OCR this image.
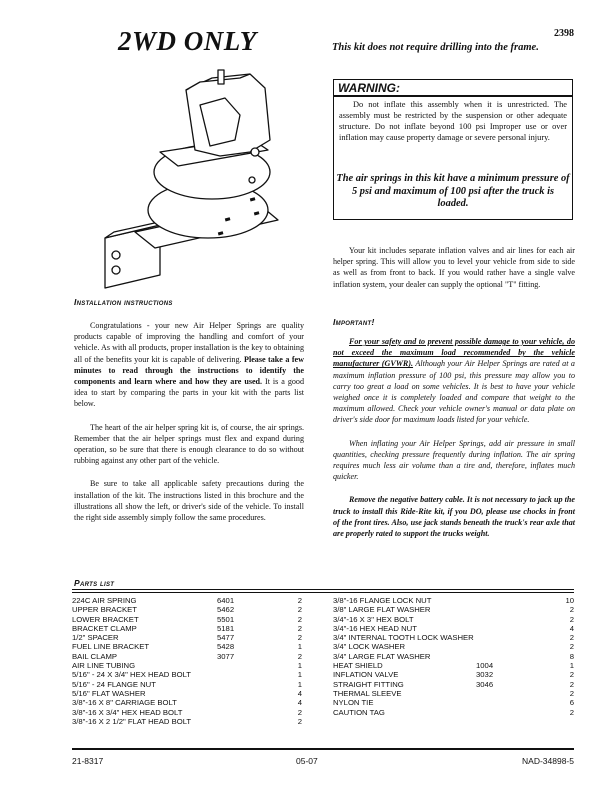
2WD ONLY	2398
This kit does not require drilling into the frame.
WARNING:
Do not inflate this assembly when it is unrestricted. The assembly must be restricted by the suspension or other adequate structure. Do not inflate beyond 100 psi Improper use or over inflation may cause property damage or severe personal injury.
The air springs in this kit have a minimum pressure of 5 psi and maximum of 100 psi after the truck is loaded.

Your kit includes separate inflation valves and air lines for each air helper spring. This will allow you to level your vehicle from side to side as well as from front to back. If you would rather have a single valve inflation system, your dealer can supply the optional "T" fitting.

Important!

For your safety and to prevent possible damage to your vehicle, do not exceed the maximum load recommended by the vehicle manufacturer (GVWR). Although your Air Helper Springs are rated at a maximum inflation pressure of 100 psi, this pressure may allow you to carry too great a load on some vehicles. It is best to have your vehicle weighed once it is completely loaded and compare that weight to the maximum allowed. Check your vehicle owner's manual or data plate on driver's side door for maximum loads listed for your vehicle.

When inflating your Air Helper Springs, add air pressure in small quantities, checking pressure frequently during inflation. The air spring requires much less air volume than a tire and, therefore, inflates much quicker.

Remove the negative battery cable. It is not necessary to jack up the truck to install this Ride-Rite kit, if you DO, please use chocks in front of the front tires. Also, use jack stands beneath the truck's rear axle that are properly rated to support the trucks weight.

Installation instructions

Congratulations - your new Air Helper Springs are quality products capable of improving the handling and comfort of your vehicle. As with all products, proper installation is the key to obtaining all of the benefits your kit is capable of delivering. Please take a few minutes to read through the instructions to identify the components and learn where and how they are used. It is a good idea to start by comparing the parts in your kit with the parts list below.

The heart of the air helper spring kit is, of course, the air springs. Remember that the air helper springs must flex and expand during operation, so be sure that there is enough clearance to do so without rubbing against any other part of the vehicle.

Be sure to take all applicable safety precautions during the installation of the kit. The instructions listed in this brochure and the illustrations all show the left, or driver's side of the vehicle. To install the right side assembly simply follow the same procedures.

Parts list
224C AIR SPRING	6401	2
UPPER BRACKET	5462	2
LOWER BRACKET	5501	2
BRACKET CLAMP	5181	2
1/2" SPACER	5477	2
FUEL LINE BRACKET	5428	1
BAIL CLAMP	3077	2
AIR LINE TUBING		1
5/16" - 24 X 3/4" HEX HEAD BOLT		1
5/16" - 24 FLANGE NUT		1
5/16" FLAT WASHER		4
3/8"-16 X 8" CARRIAGE BOLT		4
3/8"-16 X 3/4" HEX HEAD BOLT		2
3/8"-16 X 2 1/2" FLAT HEAD BOLT		2
3/8"-16 FLANGE LOCK NUT		10
3/8" LARGE FLAT WASHER		2
3/4"-16 X 3" HEX BOLT		2
3/4"-16 HEX HEAD NUT		4
3/4" INTERNAL TOOTH LOCK WASHER		2
3/4" LOCK WASHER		2
3/4" LARGE FLAT WASHER		8
HEAT SHIELD	1004	1
INFLATION VALVE	3032	2
STRAIGHT FITTING	3046	2
THERMAL SLEEVE		2
NYLON TIE		6
CAUTION TAG		2
21-8317	05-07	NAD-34898-5
